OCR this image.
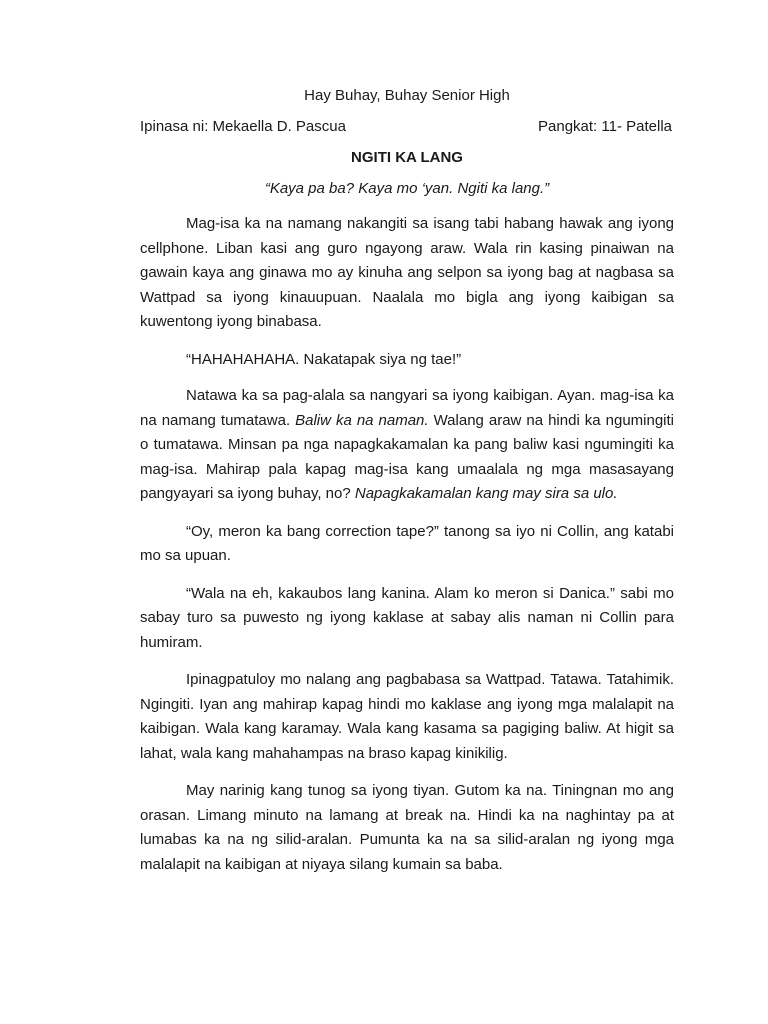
Hay Buhay, Buhay Senior High

Ipinasa ni: Mekaella D. Pascua	Pangkat: 11- Patella

NGITI KA LANG

“Kaya pa ba? Kaya mo ‘yan. Ngiti ka lang.”

Mag-isa ka na namang nakangiti sa isang tabi habang hawak ang iyong cellphone. Liban kasi ang guro ngayong araw. Wala rin kasing pinaiwan na gawain kaya ang ginawa mo ay kinuha ang selpon sa iyong bag at nagbasa sa Wattpad sa iyong kinauupuan. Naalala mo bigla ang iyong kaibigan sa kuwentong iyong binabasa.

“HAHAHAHAHA. Nakatapak siya ng tae!”

Natawa ka sa pag-alala sa nangyari sa iyong kaibigan. Ayan. mag-isa ka na namang tumatawa. Baliw ka na naman. Walang araw na hindi ka ngumingiti o tumatawa. Minsan pa nga napagkakamalan ka pang baliw kasi ngumingiti ka mag-isa. Mahirap pala kapag mag-isa kang umaalala ng mga masasayang pangyayari sa iyong buhay, no? Napagkakamalan kang may sira sa ulo.

“Oy, meron ka bang correction tape?” tanong sa iyo ni Collin, ang katabi mo sa upuan.

“Wala na eh, kakaubos lang kanina. Alam ko meron si Danica.” sabi mo sabay turo sa puwesto ng iyong kaklase at sabay alis naman ni Collin para humiram.

Ipinagpatuloy mo nalang ang pagbabasa sa Wattpad. Tatawa. Tatahimik. Ngingiti. Iyan ang mahirap kapag hindi mo kaklase ang iyong mga malalapit na kaibigan. Wala kang karamay. Wala kang kasama sa pagiging baliw. At higit sa lahat, wala kang mahahampas na braso kapag kinikilig.

May narinig kang tunog sa iyong tiyan. Gutom ka na. Tiningnan mo ang orasan. Limang minuto na lamang at break na. Hindi ka na naghintay pa at lumabas ka na ng silid-aralan. Pumunta ka na sa silid-aralan ng iyong mga malalapit na kaibigan at niyaya silang kumain sa baba.
